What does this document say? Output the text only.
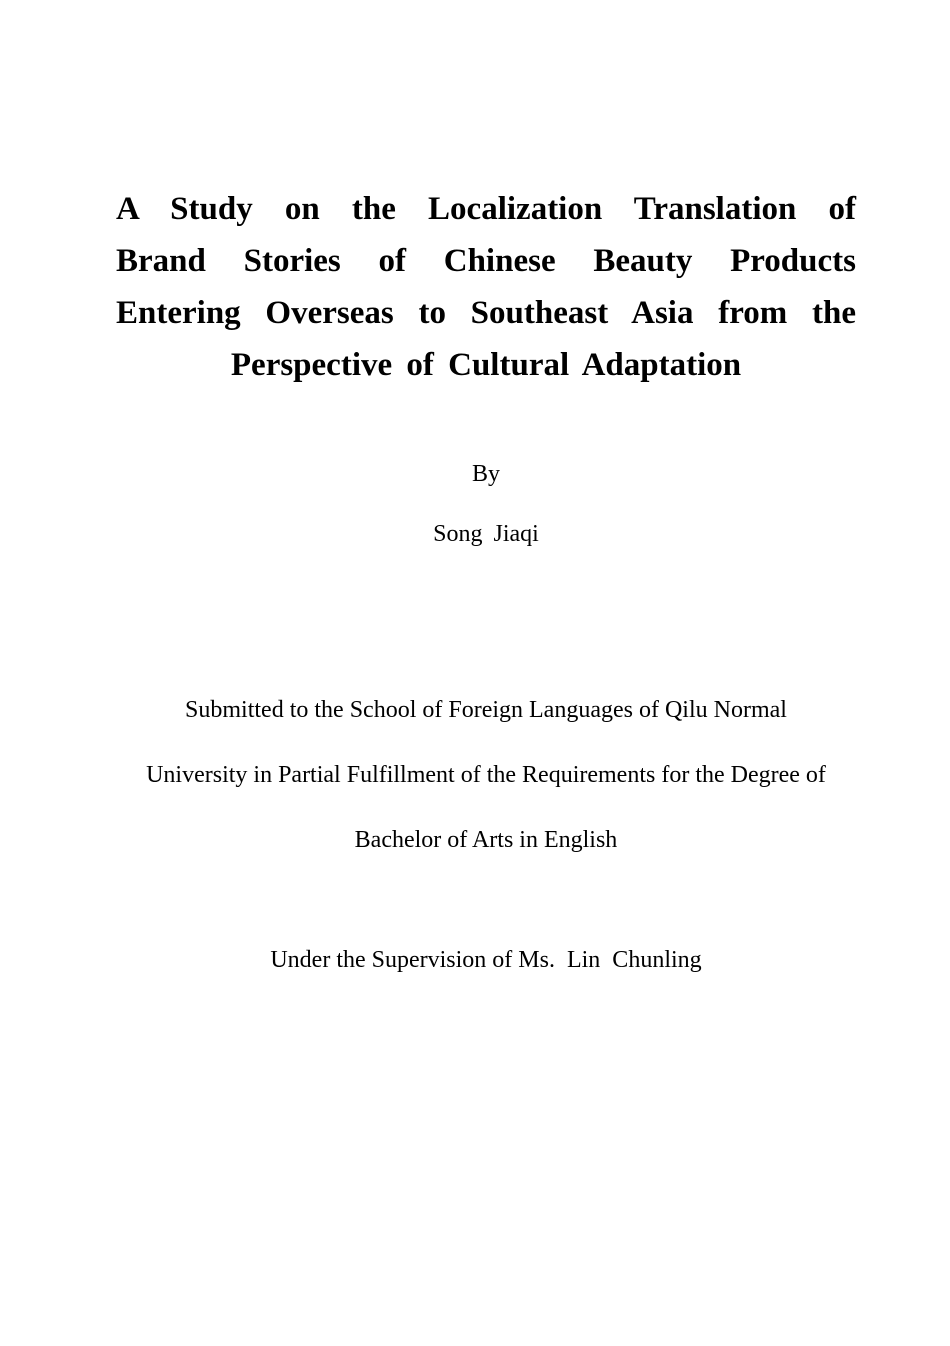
A Study on the Localization Translation of
Brand Stories of Chinese Beauty Products
Entering Overseas to Southeast Asia from the
Perspective of Cultural Adaptation
By
Song Jiaqi
Submitted to the School of Foreign Languages of Qilu Normal
University in Partial Fulfillment of the Requirements for the Degree of
Bachelor of Arts in English
Under the Supervision of Ms.  Lin  Chunling
